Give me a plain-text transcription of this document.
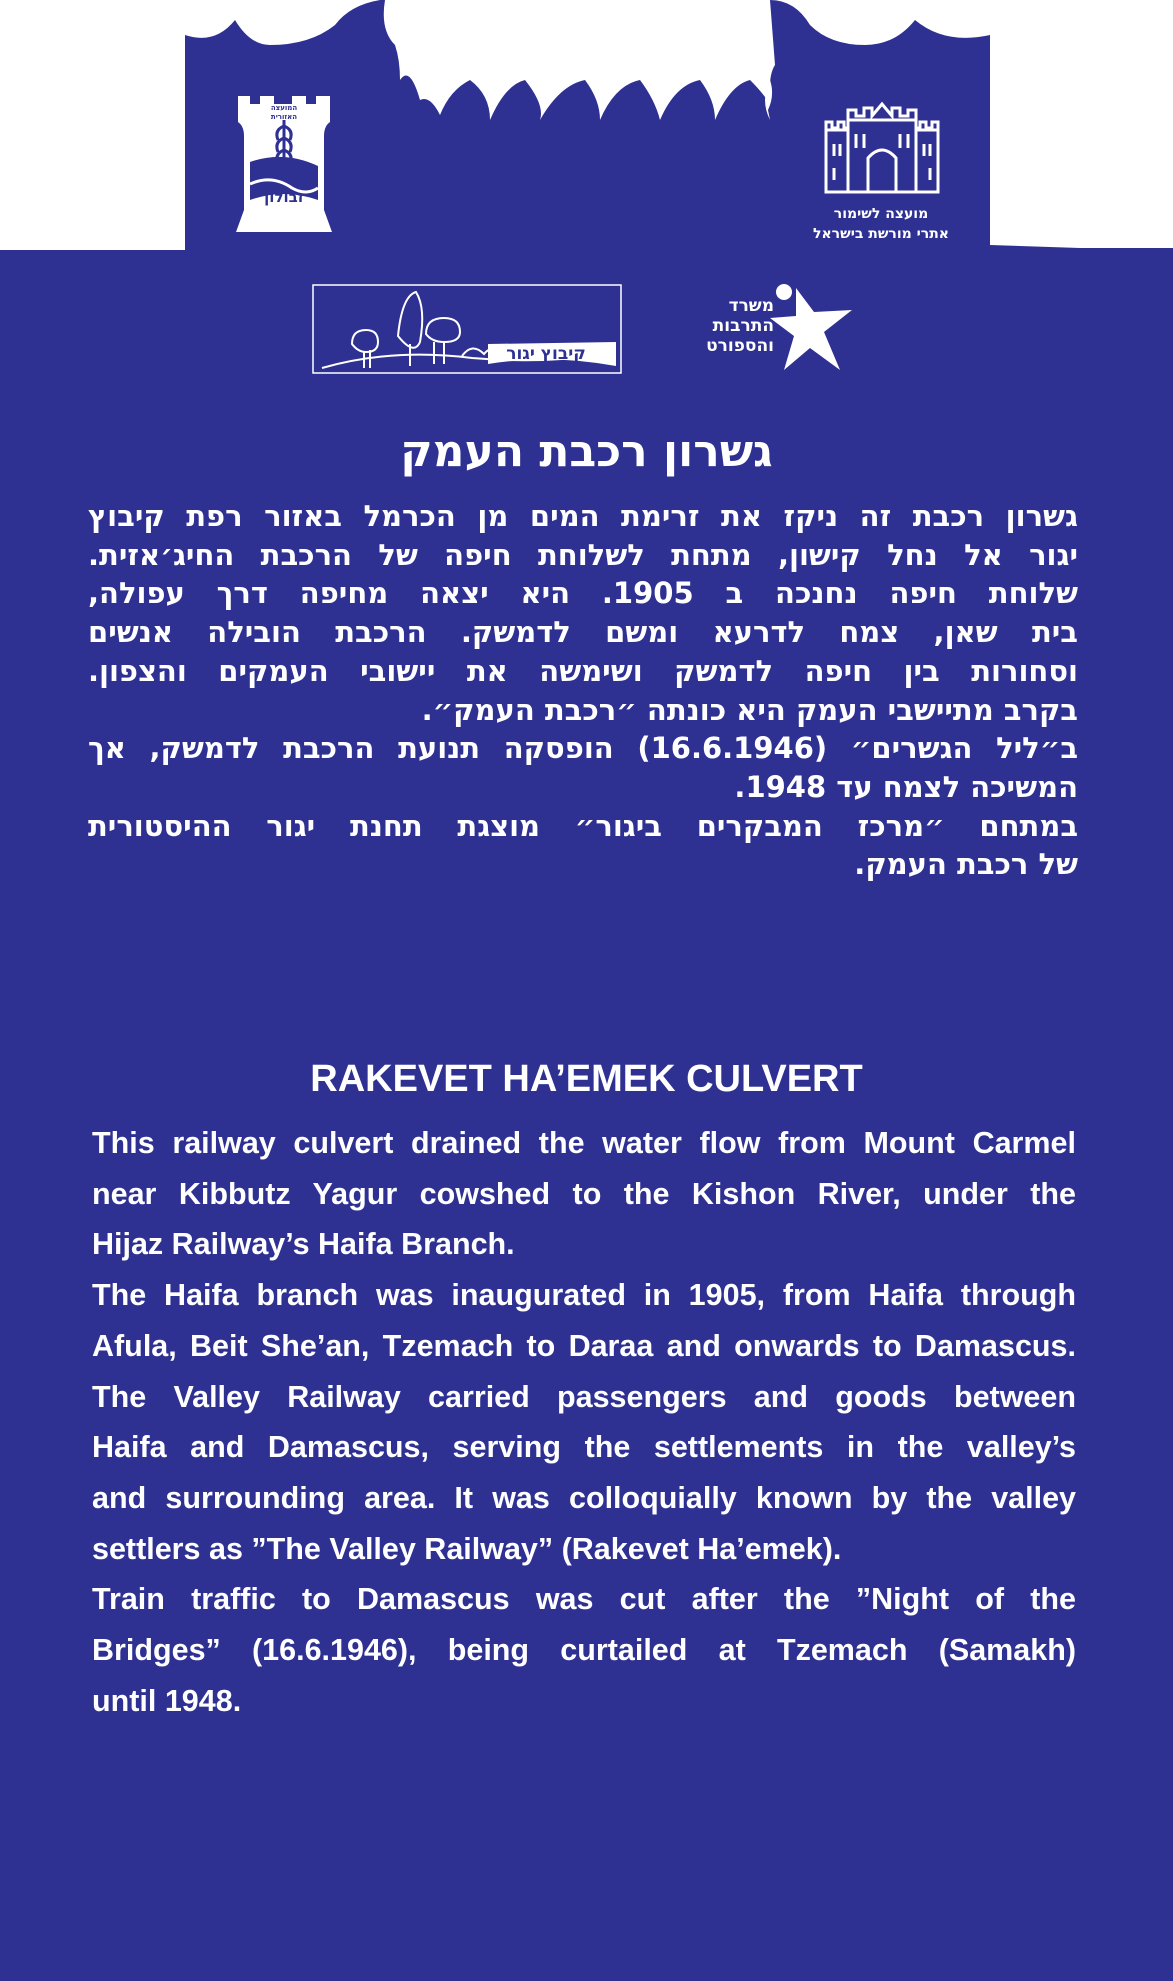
המועצה האזורית
זבולון
מועצה לשימור
אתרי מורשת בישראל
קיבוץ יגור
משרד
התרבות
והספורט
גשרון רכבת העמק
גשרון רכבת זה ניקז את זרימת המים מן הכרמל באזור רפת קיבוץ
יגור אל נחל קישון, מתחת לשלוחת חיפה של הרכבת החיג׳אזית.
שלוחת חיפה נחנכה ב 1905. היא יצאה מחיפה דרך עפולה,
בית שאן, צמח לדרעא ומשם לדמשק. הרכבת הובילה אנשים
וסחורות בין חיפה לדמשק ושימשה את יישובי העמקים והצפון.
בקרב מתיישבי העמק היא כונתה ״רכבת העמק״.
ב״ליל הגשרים״ (16.6.1946) הופסקה תנועת הרכבת לדמשק, אך
המשיכה לצמח עד 1948.
במתחם ״מרכז המבקרים ביגור״ מוצגת תחנת יגור ההיסטורית
של רכבת העמק.
RAKEVET HA’EMEK CULVERT
This railway culvert drained the water flow from Mount Carmel
near Kibbutz Yagur cowshed to the Kishon River, under the
Hijaz Railway’s Haifa Branch.
The Haifa branch was inaugurated in 1905, from Haifa through
Afula, Beit She’an, Tzemach to Daraa and onwards to Damascus.
The Valley Railway carried passengers and goods between
Haifa and Damascus, serving the settlements in the valley’s
and surrounding area. It was colloquially known by the valley
settlers as ”The Valley Railway” (Rakevet Ha’emek).
Train traffic to Damascus was cut after the ”Night of the
Bridges” (16.6.1946), being curtailed at Tzemach (Samakh)
until 1948.
